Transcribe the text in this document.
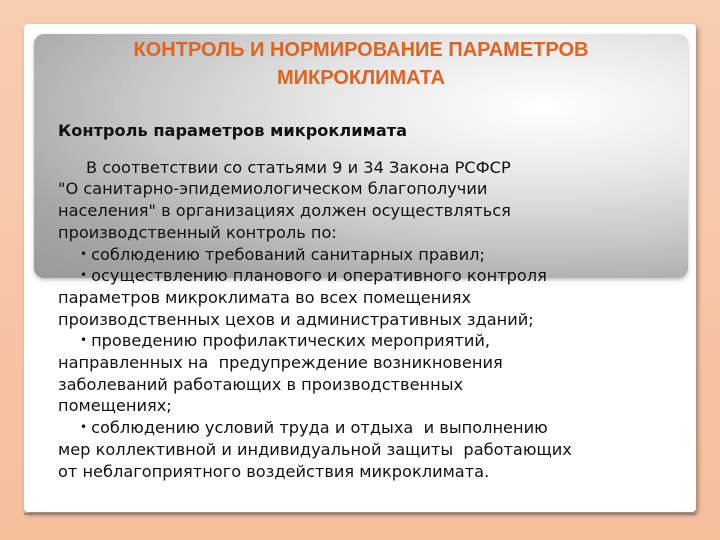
КОНТРОЛЬ И НОРМИРОВАНИЕ ПАРАМЕТРОВ
МИКРОКЛИМАТА
Контроль параметров микроклимата
В соответствии со статьями 9 и 34 Закона РСФСР
"О санитарно-эпидемиологическом благополучии
населения" в организациях должен осуществляться
производственный контроль по:
• соблюдению требований санитарных правил;
• осуществлению планового и оперативного контроля
параметров микроклимата во всех помещениях
производственных цехов и административных зданий;
• проведению профилактических мероприятий,
направленных на  предупреждение возникновения
заболеваний работающих в производственных
помещениях;
• соблюдению условий труда и отдыха  и выполнению
мер коллективной и индивидуальной защиты  работающих
от неблагоприятного воздействия микроклимата.
